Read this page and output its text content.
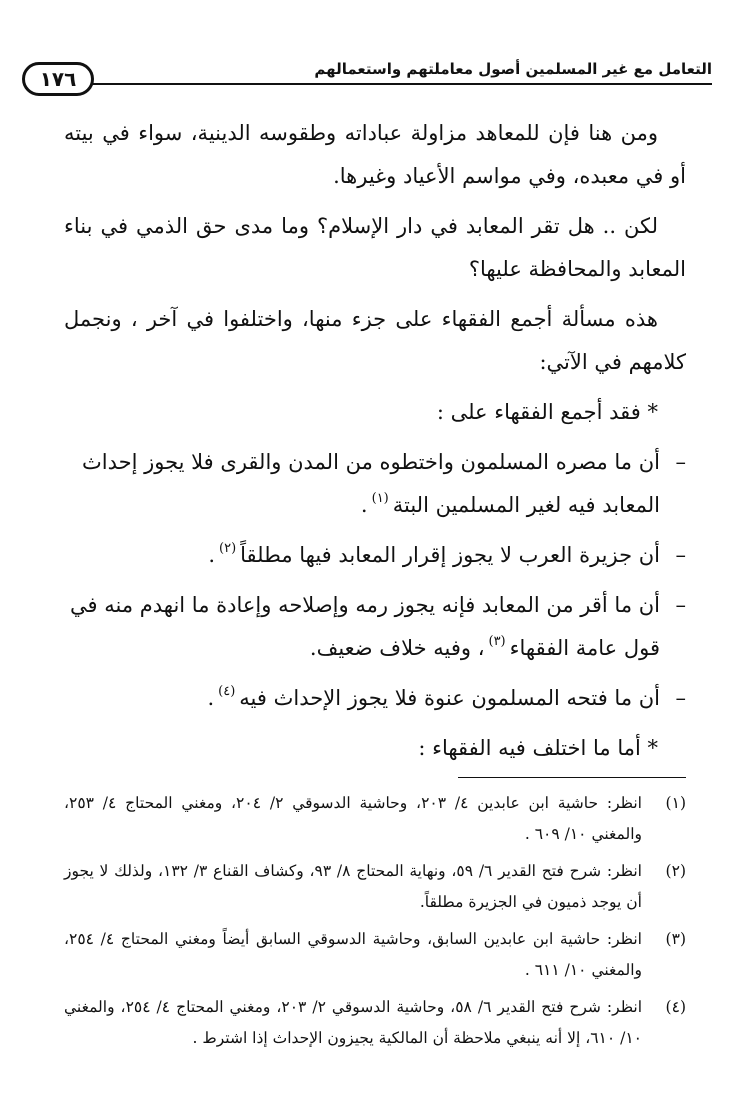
التعامل مع غير المسلمين أصول معاملتهم واستعمالهم
١٧٦

ومن هنا فإن للمعاهد مزاولة عباداته وطقوسه الدينية، سواء في بيته أو في معبده، وفي مواسم الأعياد وغيرها.

لكن .. هل تقر المعابد في دار الإسلام؟ وما مدى حق الذمي في بناء المعابد والمحافظة عليها؟

هذه مسألة أجمع الفقهاء على جزء منها، واختلفوا في آخر ، ونجمل كلامهم في الآتي:

* فقد أجمع الفقهاء على :

–أن ما مصره المسلمون واختطوه من المدن والقرى فلا يجوز إحداث
المعابد فيه لغير المسلمين البتة$^{(١)}$.

–أن جزيرة العرب لا يجوز إقرار المعابد فيها مطلقاً$^{(٢)}$.

–أن ما أقر من المعابد فإنه يجوز رمه وإصلاحه وإعادة ما انهدم منه في
قول عامة الفقهاء$^{(٣)}$، وفيه خلاف ضعيف.

–أن ما فتحه المسلمون عنوة فلا يجوز الإحداث فيه$^{(٤)}$.

* أما ما اختلف فيه الفقهاء :

(١)
انظر: حاشية ابن عابدين ٤/ ٢٠٣، وحاشية الدسوقي ٢/ ٢٠٤، ومغني المحتاج ٤/ ٢٥٣، والمغني ١٠/ ٦٠٩ .
(٢)
انظر: شرح فتح القدير ٦/ ٥٩، ونهاية المحتاج ٨/ ٩٣، وكشاف القناع ٣/ ١٣٢، ولذلك لا يجوز أن يوجد ذميون في الجزيرة مطلقاً.
(٣)
انظر: حاشية ابن عابدين السابق، وحاشية الدسوقي السابق أيضاً ومغني المحتاج ٤/ ٢٥٤، والمغني ١٠/ ٦١١ .
(٤)
انظر: شرح فتح القدير ٦/ ٥٨، وحاشية الدسوقي ٢/ ٢٠٣، ومغني المحتاج ٤/ ٢٥٤، والمغني ١٠/ ٦١٠، إلا أنه ينبغي ملاحظة أن المالكية يجيزون الإحداث إذا اشترط .
